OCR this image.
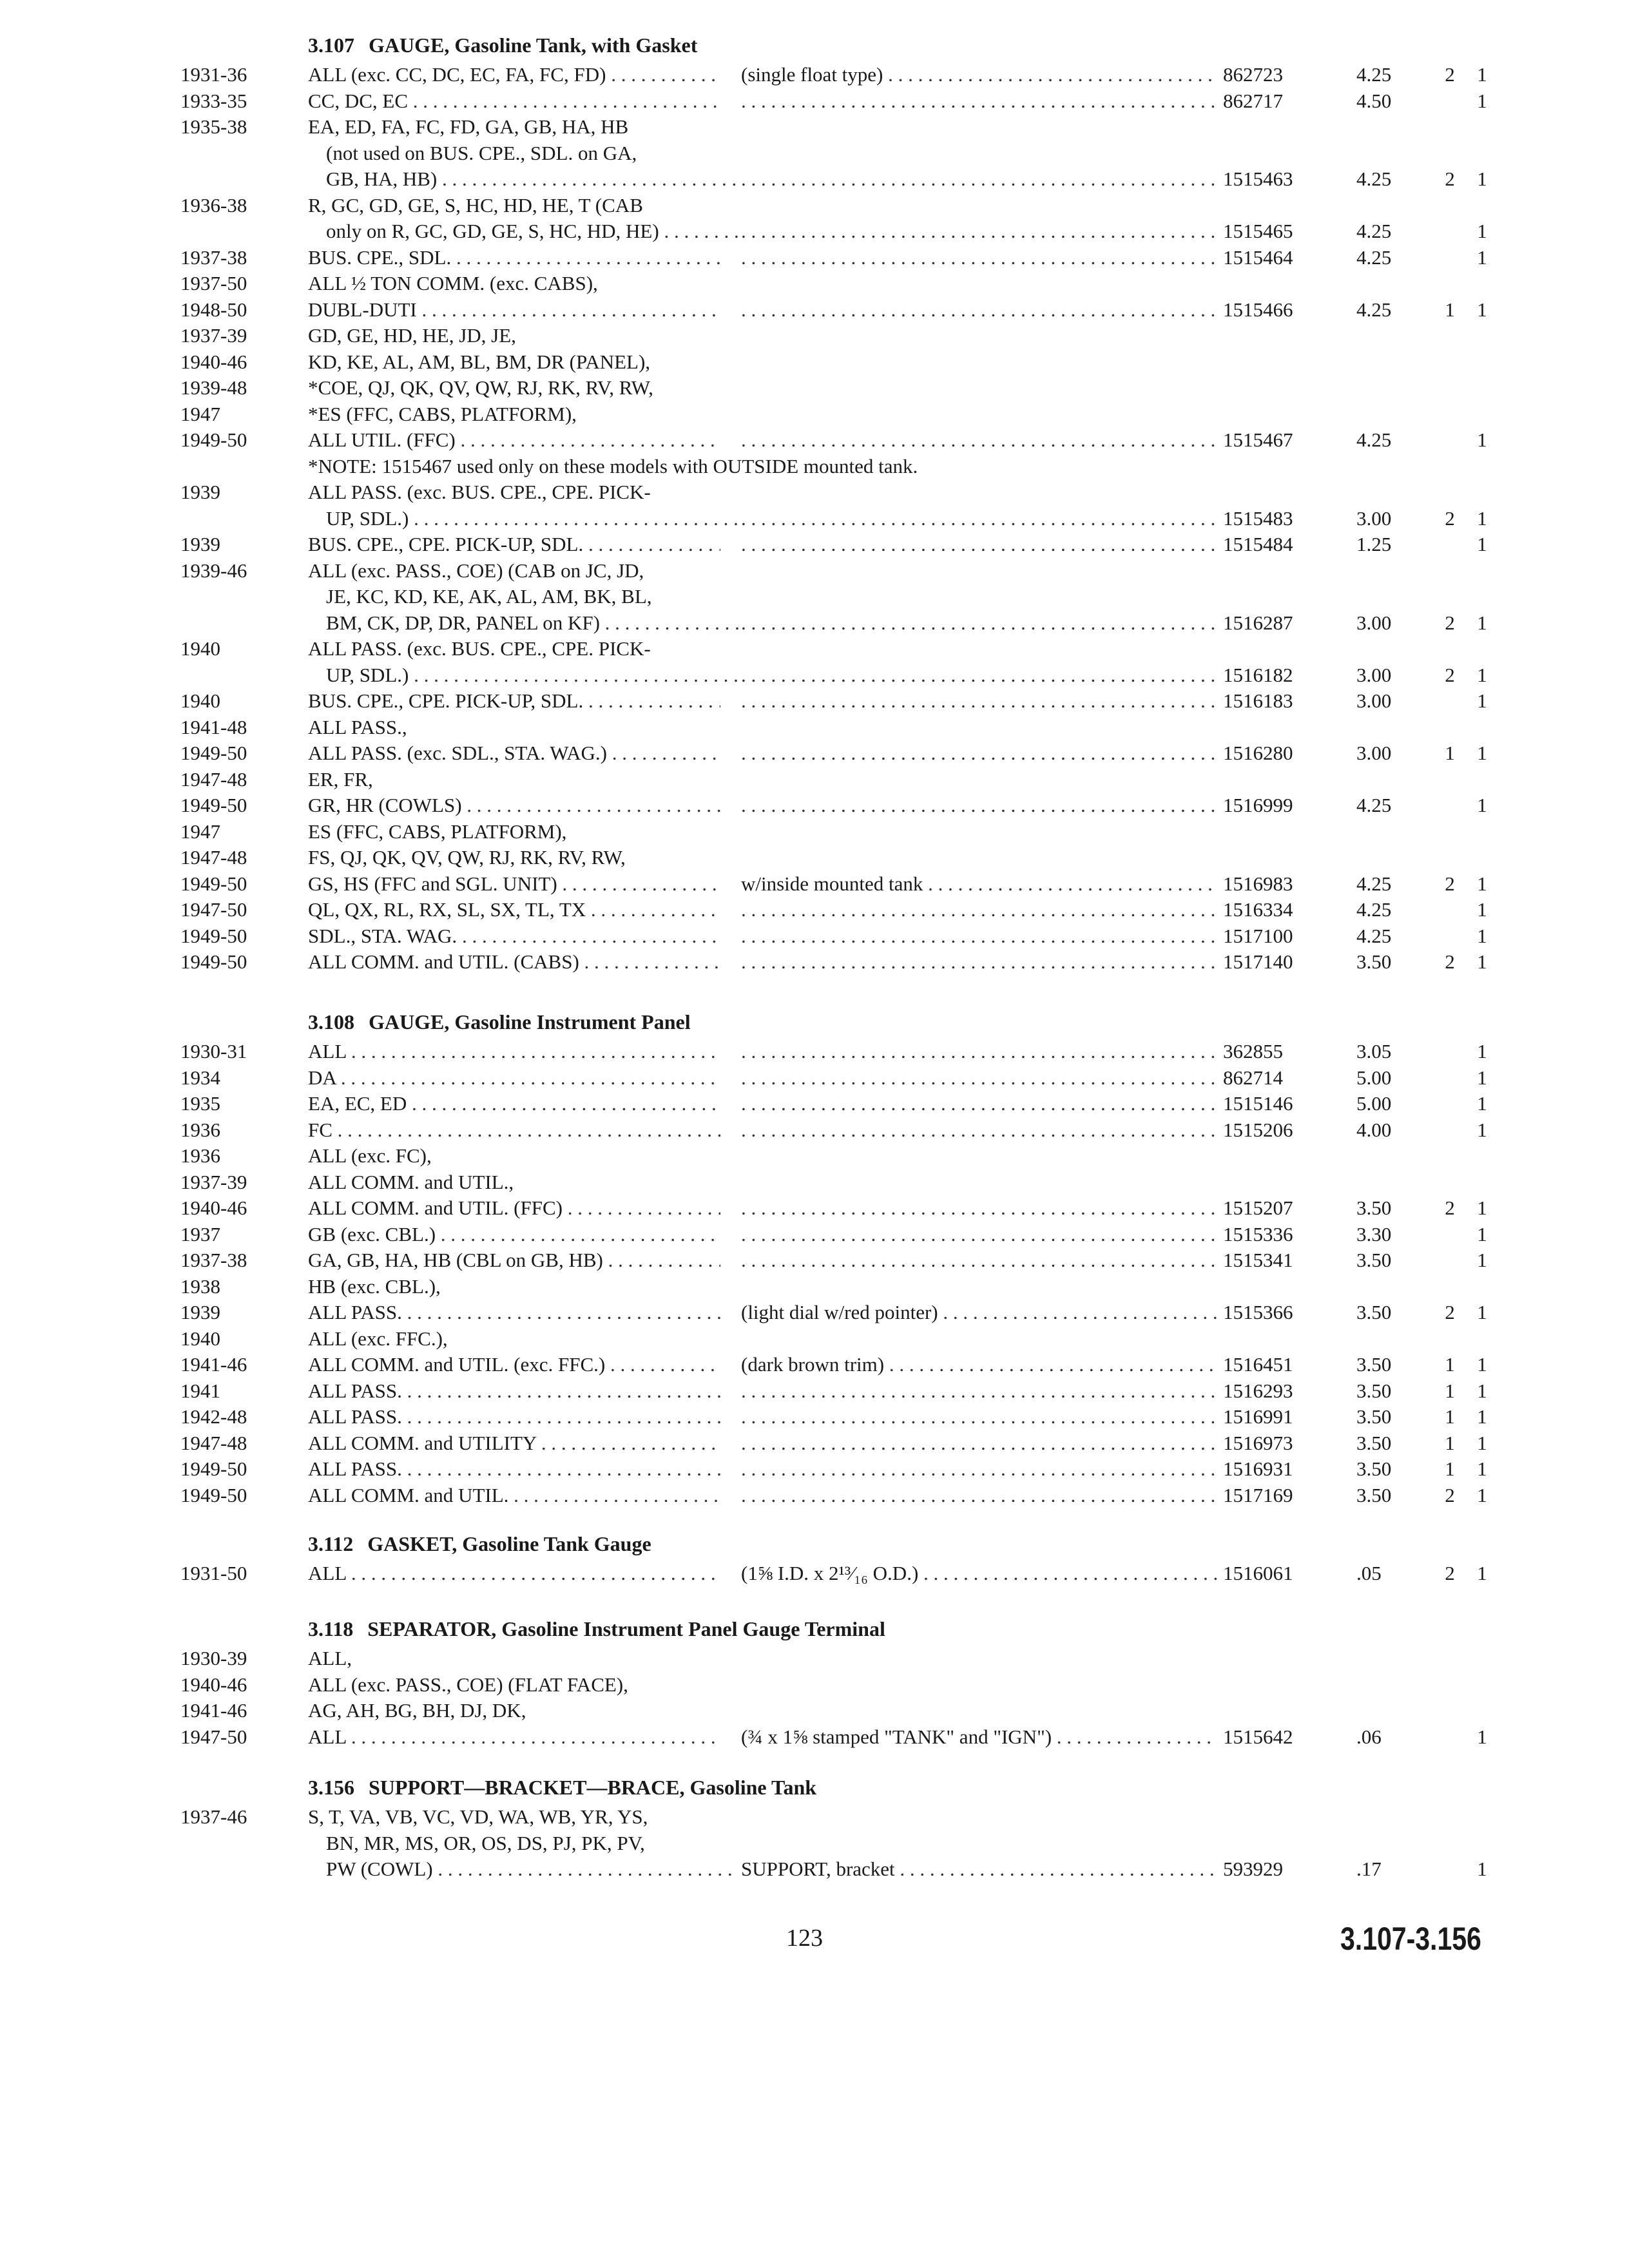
3.107 GAUGE, Gasoline Tank, with Gasket
1931-36	ALL (exc. CC, DC, EC, FA, FC, FD) . . .	(single float type) . . .	862723	4.25	2	1
1933-35	CC, DC, EC . . . . . .	862717	4.50	1
1935-38	EA, ED, FA, FC, FD, GA, GB, HA, HB
(not used on BUS. CPE., SDL. on GA,
GB, HA, HB) . . . . . .	1515463	4.25	2	1
1936-38	R, GC, GD, GE, S, HC, HD, HE, T (CAB
only on R, GC, GD, GE, S, HC, HD, HE) . . . . . .	1515465	4.25	1
1937-38	BUS. CPE., SDL. . . . . . .	1515464	4.25	1
1937-50	ALL ½ TON COMM. (exc. CABS),
1948-50	DUBL-DUTI . . . . . .	1515466	4.25	1	1
1937-39	GD, GE, HD, HE, JD, JE,
1940-46	KD, KE, AL, AM, BL, BM, DR (PANEL),
1939-48	*COE, QJ, QK, QV, QW, RJ, RK, RV, RW,
1947	*ES (FFC, CABS, PLATFORM),
1949-50	ALL UTIL. (FFC) . . . . . .	1515467	4.25	1
*NOTE: 1515467 used only on these models with OUTSIDE mounted tank.
1939	ALL PASS. (exc. BUS. CPE., CPE. PICK-
UP, SDL.) . . . . . .	1515483	3.00	2	1
1939	BUS. CPE., CPE. PICK-UP, SDL. . . . . . .	1515484	1.25	1
1939-46	ALL (exc. PASS., COE) (CAB on JC, JD,
JE, KC, KD, KE, AK, AL, AM, BK, BL,
BM, CK, DP, DR, PANEL on KF) . . . . . .	1516287	3.00	2	1
1940	ALL PASS. (exc. BUS. CPE., CPE. PICK-
UP, SDL.) . . . . . .	1516182	3.00	2	1
1940	BUS. CPE., CPE. PICK-UP, SDL. . . . . . .	1516183	3.00	1
1941-48	ALL PASS.,
1949-50	ALL PASS. (exc. SDL., STA. WAG.) . . . . . .	1516280	3.00	1	1
1947-48	ER, FR,
1949-50	GR, HR (COWLS) . . . . . .	1516999	4.25	1
1947	ES (FFC, CABS, PLATFORM),
1947-48	FS, QJ, QK, QV, QW, RJ, RK, RV, RW,
1949-50	GS, HS (FFC and SGL. UNIT) . . .	w/inside mounted tank . . .	1516983	4.25	2	1
1947-50	QL, QX, RL, RX, SL, SX, TL, TX . . . . . .	1516334	4.25	1
1949-50	SDL., STA. WAG. . . . . . .	1517100	4.25	1
1949-50	ALL COMM. and UTIL. (CABS) . . . . . .	1517140	3.50	2	1
3.108 GAUGE, Gasoline Instrument Panel
1930-31	ALL . . . . . .	362855	3.05	1
1934	DA . . . . . .	862714	5.00	1
1935	EA, EC, ED . . . . . .	1515146	5.00	1
1936	FC . . . . . .	1515206	4.00	1
1936	ALL (exc. FC),
1937-39	ALL COMM. and UTIL.,
1940-46	ALL COMM. and UTIL. (FFC) . . . . . .	1515207	3.50	2	1
1937	GB (exc. CBL.) . . . . . .	1515336	3.30	1
1937-38	GA, GB, HA, HB (CBL on GB, HB) . . . . . .	1515341	3.50	1
1938	HB (exc. CBL.),
1939	ALL PASS. . . .	(light dial w/red pointer) . . .	1515366	3.50	2	1
1940	ALL (exc. FFC.),
1941-46	ALL COMM. and UTIL. (exc. FFC.) . . .	(dark brown trim) . . .	1516451	3.50	1	1
1941	ALL PASS. . . . . . .	1516293	3.50	1	1
1942-48	ALL PASS. . . . . . .	1516991	3.50	1	1
1947-48	ALL COMM. and UTILITY . . . . . .	1516973	3.50	1	1
1949-50	ALL PASS. . . . . . .	1516931	3.50	1	1
1949-50	ALL COMM. and UTIL. . . . . . .	1517169	3.50	2	1
3.112 GASKET, Gasoline Tank Gauge
1931-50	ALL . . .	(1⅝ I.D. x 2¹³⁄₁₆ O.D.) . . .	1516061	.05	2	1
3.118 SEPARATOR, Gasoline Instrument Panel Gauge Terminal
1930-39	ALL,
1940-46	ALL (exc. PASS., COE) (FLAT FACE),
1941-46	AG, AH, BG, BH, DJ, DK,
1947-50	ALL . . .	(¾ x 1⅝ stamped "TANK" and "IGN") . . .	1515642	.06	1
3.156 SUPPORT—BRACKET—BRACE, Gasoline Tank
1937-46	S, T, VA, VB, VC, VD, WA, WB, YR, YS,
BN, MR, MS, OR, OS, DS, PJ, PK, PV,
PW (COWL) . . .	SUPPORT, bracket . . .	593929	.17	1
123	3.107-3.156
